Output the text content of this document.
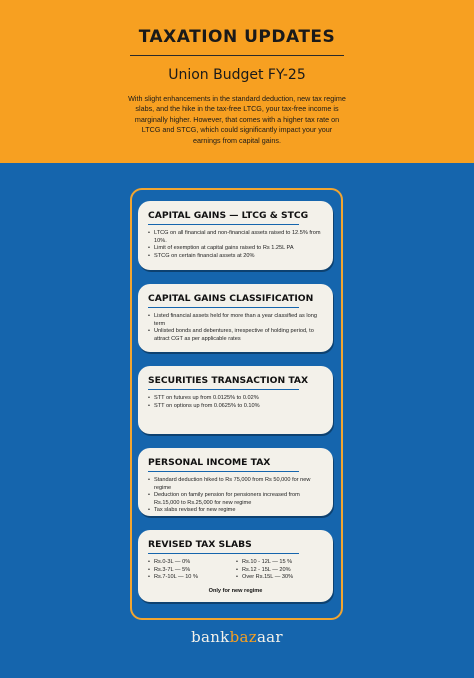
TAXATION UPDATES
Union Budget FY-25
With slight enhancements in the standard deduction, new tax regime slabs, and the hike in the tax-free LTCG, your tax-free income is marginally higher. However, that comes with a higher tax rate on LTCG and STCG, which could significantly impact your your earnings from capital gains.
CAPITAL GAINS — LTCG & STCG
• LTCG on all financial and non-financial assets raised to 12.5% from 10%.
• Limit of exemption at capital gains raised to Rs 1.25L PA
• STCG on certain financial assets at 20%
CAPITAL GAINS CLASSIFICATION
• Listed financial assets held for more than a year classified as long term
• Unlisted bonds and debentures, irrespective of holding period, to attract CGT as per applicable rates
SECURITIES TRANSACTION TAX
• STT on futures up from 0.0125% to 0.02%
• STT on options up from 0.0625% to 0.10%
PERSONAL INCOME TAX
• Standard deduction hiked to Rs 75,000 from Rs 50,000 for new regime
• Deduction on family pension for pensioners increased from Rs.15,000 to Rs.25,000 for new regime
• Tax slabs revised for new regime
REVISED TAX SLABS
• Rs.0-3L — 0%
• Rs.3-7L — 5%
• Rs.7-10L — 10 %
• Rs.10 - 12L — 15 %
• Rs.12 - 15L — 20%
• Over Rs.15L — 30%
Only for new regime
bankbazaar
